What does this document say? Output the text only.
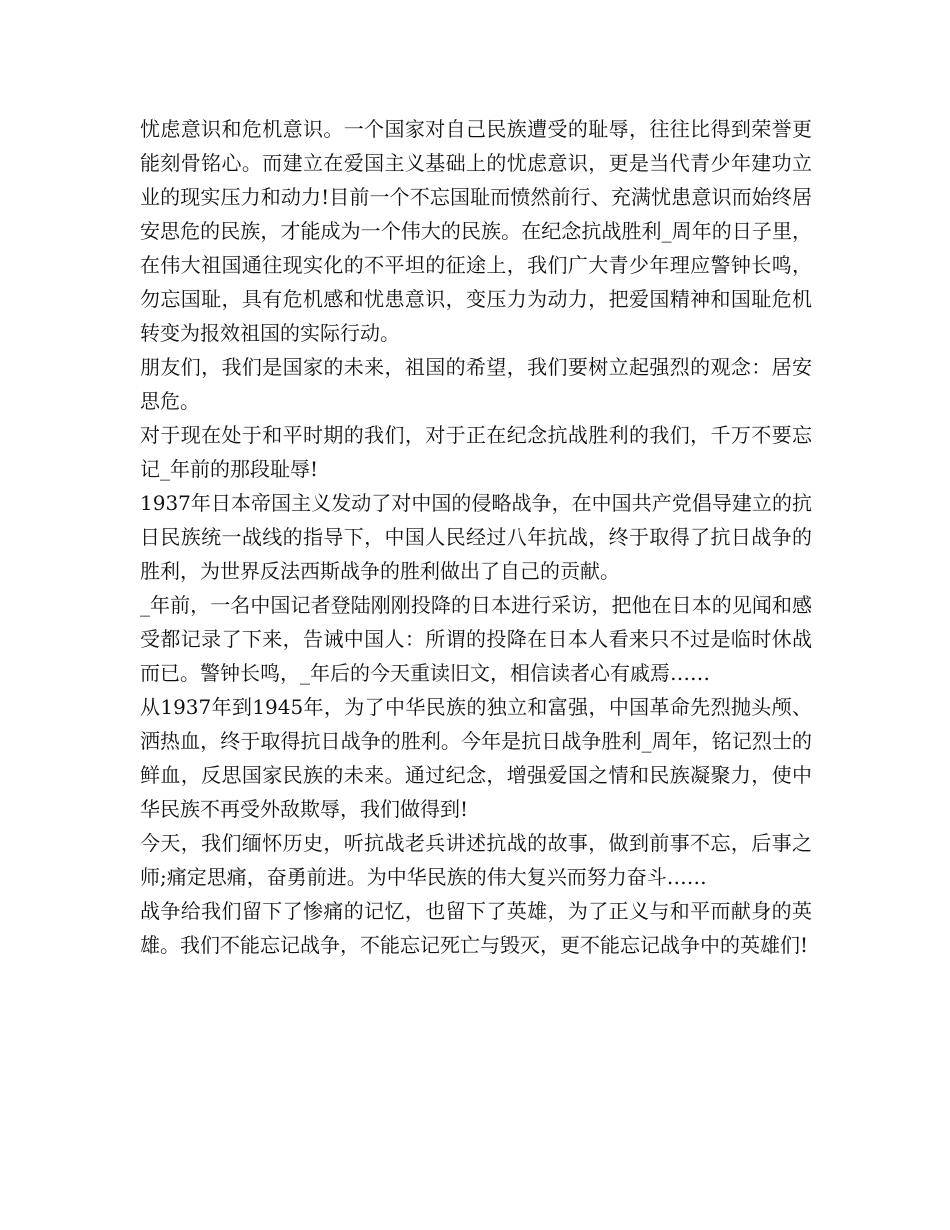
忧虑意识和危机意识。一个国家对自己民族遭受的耻辱，往往比得到荣誉更能刻骨铭心。而建立在爱国主义基础上的忧虑意识，更是当代青少年建功立业的现实压力和动力!目前一个不忘国耻而愤然前行、充满忧患意识而始终居安思危的民族，才能成为一个伟大的民族。在纪念抗战胜利_周年的日子里，在伟大祖国通往现实化的不平坦的征途上，我们广大青少年理应警钟长鸣，勿忘国耻，具有危机感和忧患意识，变压力为动力，把爱国精神和国耻危机转变为报效祖国的实际行动。

朋友们，我们是国家的未来，祖国的希望，我们要树立起强烈的观念：居安思危。

对于现在处于和平时期的我们，对于正在纪念抗战胜利的我们，千万不要忘记_年前的那段耻辱!

1937年日本帝国主义发动了对中国的侵略战争，在中国共产党倡导建立的抗日民族统一战线的指导下，中国人民经过八年抗战，终于取得了抗日战争的胜利，为世界反法西斯战争的胜利做出了自己的贡献。

_年前，一名中国记者登陆刚刚投降的日本进行采访，把他在日本的见闻和感受都记录了下来，告诫中国人：所谓的投降在日本人看来只不过是临时休战而已。警钟长鸣，_年后的今天重读旧文，相信读者心有戚焉……

从1937年到1945年，为了中华民族的独立和富强，中国革命先烈抛头颅、洒热血，终于取得抗日战争的胜利。今年是抗日战争胜利_周年，铭记烈士的鲜血，反思国家民族的未来。通过纪念，增强爱国之情和民族凝聚力，使中华民族不再受外敌欺辱，我们做得到!

今天，我们缅怀历史，听抗战老兵讲述抗战的故事，做到前事不忘，后事之师;痛定思痛，奋勇前进。为中华民族的伟大复兴而努力奋斗……

战争给我们留下了惨痛的记忆，也留下了英雄，为了正义与和平而献身的英雄。我们不能忘记战争，不能忘记死亡与毁灭，更不能忘记战争中的英雄们!
